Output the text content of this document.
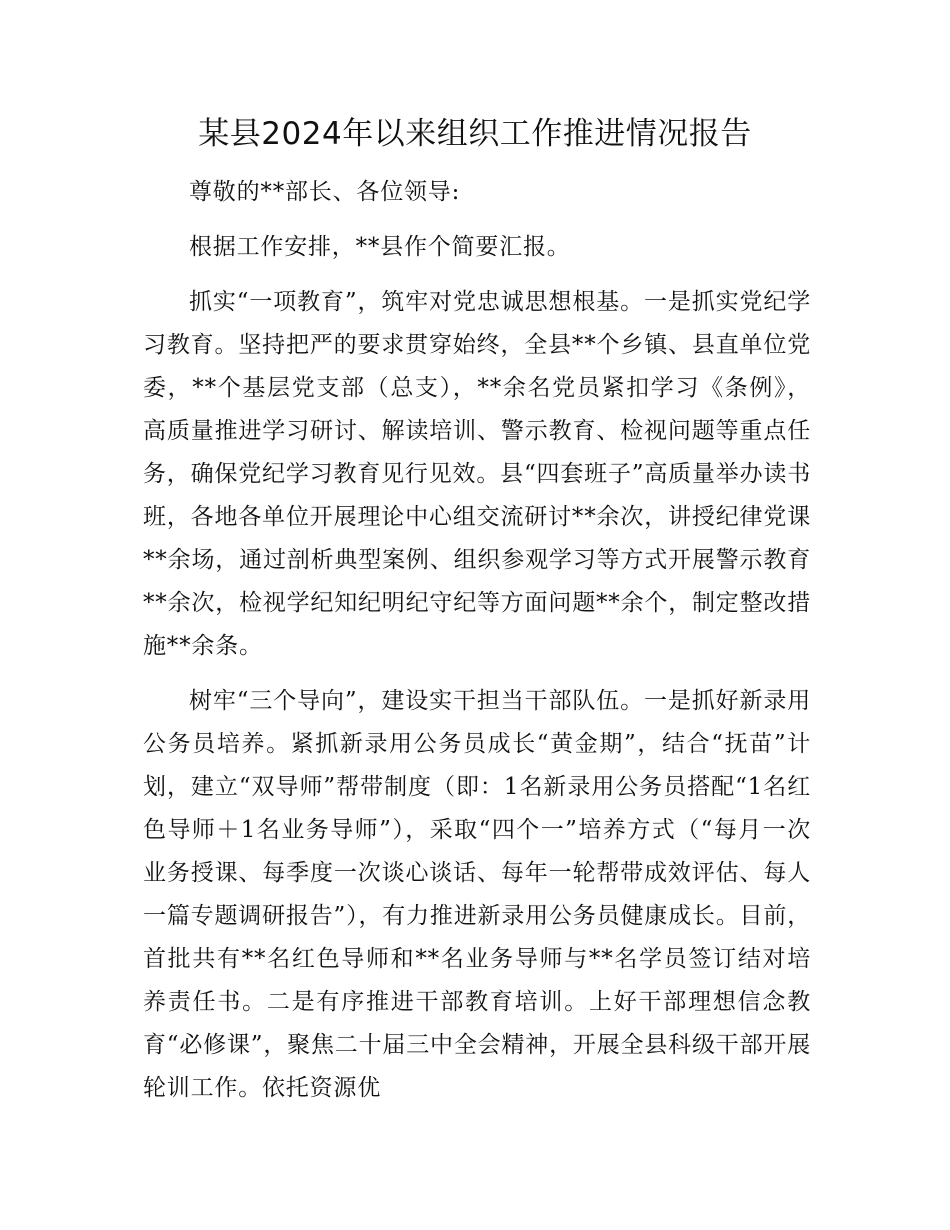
某县2024年以来组织工作推进情况报告

尊敬的**部长、各位领导:

根据工作安排，**县作个简要汇报。

抓实“一项教育”，筑牢对党忠诚思想根基。一是抓实党纪学习教育。坚持把严的要求贯穿始终，全县**个乡镇、县直单位党委，**个基层党支部（总支），**余名党员紧扣学习《条例》，高质量推进学习研讨、解读培训、警示教育、检视问题等重点任务，确保党纪学习教育见行见效。县“四套班子”高质量举办读书班，各地各单位开展理论中心组交流研讨**余次，讲授纪律党课**余场，通过剖析典型案例、组织参观学习等方式开展警示教育**余次，检视学纪知纪明纪守纪等方面问题**余个，制定整改措施**余条。

树牢“三个导向”，建设实干担当干部队伍。一是抓好新录用公务员培养。紧抓新录用公务员成长“黄金期”，结合“抚苗”计划，建立“双导师”帮带制度（即：1名新录用公务员搭配“1名红色导师＋1名业务导师”），采取“四个一”培养方式（“每月一次业务授课、每季度一次谈心谈话、每年一轮帮带成效评估、每人一篇专题调研报告”），有力推进新录用公务员健康成长。目前，首批共有**名红色导师和**名业务导师与**名学员签订结对培养责任书。二是有序推进干部教育培训。上好干部理想信念教育“必修课”，聚焦二十届三中全会精神，开展全县科级干部开展轮训工作。依托资源优
